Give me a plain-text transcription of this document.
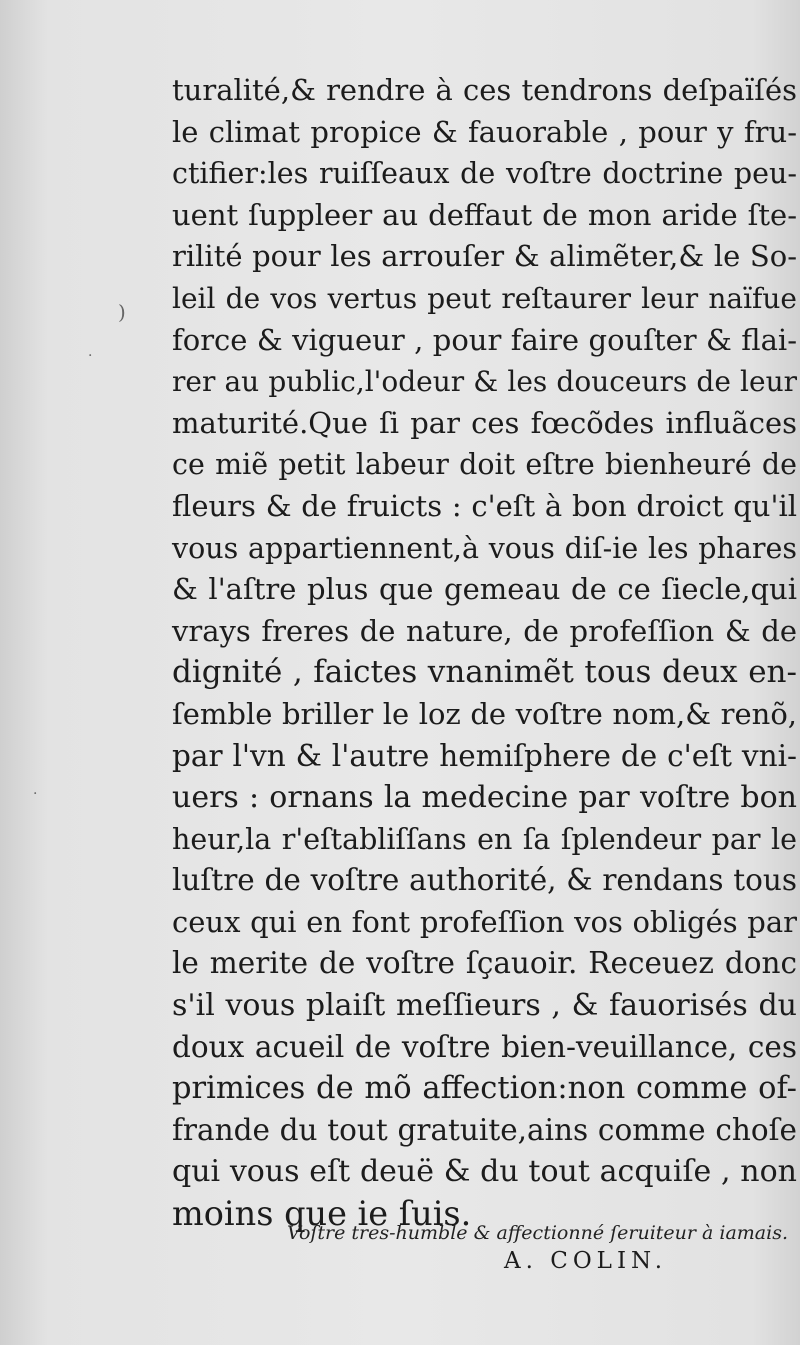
)
·
·
turalité,& rendre à ces tendrons deſpaïſés
le climat propice & fauorable , pour y fru-
ctifier:les ruiſſeaux de voſtre doctrine peu-
uent ſuppleer au deffaut de mon aride ſte-
rilité pour les arrouſer & alimẽter,& le So-
leil de vos vertus peut reſtaurer leur naïfue
force & vigueur , pour faire gouſter & flai-
rer au public,l'odeur & les douceurs de leur
maturité.Que ſi par ces fœcõdes influãces
ce miẽ petit labeur doit eſtre bienheuré de
fleurs & de fruicts : c'eſt à bon droict qu'il
vous appartiennent,à vous diſ-ie les phares
& l'aſtre plus que gemeau de ce ſiecle,qui
vrays freres de nature, de profeſſion & de
dignité , faictes vnanimẽt tous deux en-
ſemble briller le loz de voſtre nom,& renõ,
par l'vn & l'autre hemiſphere de c'eſt vni-
uers : ornans la medecine par voſtre bon
heur,la r'eſtabliſſans en ſa ſplendeur par le
luſtre de voſtre authorité, & rendans tous
ceux qui en font profeſſion vos obligés par
le merite de voſtre ſçauoir. Receuez donc
s'il vous plaiſt meſſieurs , & fauorisés du
doux acueil de voſtre bien-veuillance, ces
primices de mõ affection:non comme of-
frande du tout gratuite,ains comme choſe
qui vous eſt deuë & du tout acquiſe , non
moins que ie ſuis.
Voſtre tres-humble & affectionné ſeruiteur à iamais.
A. COLIN.
